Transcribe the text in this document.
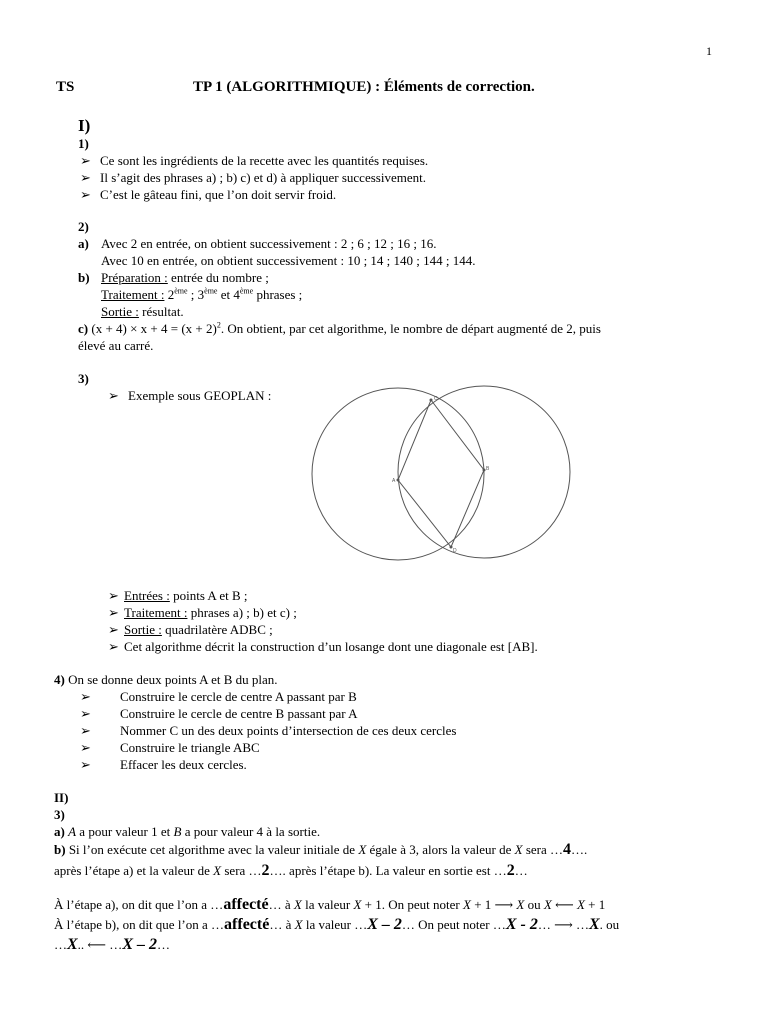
1
TS	TP 1 (ALGORITHMIQUE) : Éléments de correction.
I)
1)
➢Ce sont les ingrédients de la recette avec les quantités requises.
➢Il s’agit des phrases a) ; b) c) et d) à appliquer successivement.
➢C’est le gâteau fini, que l’on doit servir froid.
2)
a) Avec 2 en entrée, on obtient successivement : 2 ; 6 ; 12 ; 16 ; 16.
Avec 10 en entrée, on obtient successivement : 10 ; 14 ; 140 ; 144 ; 144.
b) Préparation : entrée du nombre ;
Traitement : 2ème ; 3ème et 4ème phrases ;
Sortie : résultat.
c) $(x + 4) \times x + 4 = (x + 2)^2$. On obtient, par cet algorithme, le nombre de départ augmenté de 2, puis
élevé au carré.
3)
➢Exemple sous GEOPLAN :	C
B
A
D
➢Entrées : points A et B ;
➢Traitement : phrases a) ; b) et c) ;
➢Sortie : quadrilatère ADBC ;
➢Cet algorithme décrit la construction d’un losange dont une diagonale est [AB].
4) On se donne deux points A et B du plan.
➢Construire le cercle de centre A passant par B
➢Construire le cercle de centre B passant par A
➢Nommer C un des deux points d’intersection de ces deux cercles
➢Construire le triangle ABC
➢Effacer les deux cercles.
II)
3)
a) A a pour valeur 1 et B a pour valeur 4 à la sortie.
b) Si l’on exécute cet algorithme avec la valeur initiale de X égale à 3, alors la valeur de X sera …4….
après l’étape a) et la valeur de X sera …2…. après l’étape b). La valeur en sortie est …2…
À l’étape a), on dit que l’on a …affecté… à X la valeur X + 1. On peut noter X + 1 ⟶ X ou X ⟵ X + 1
À l’étape b), on dit que l’on a …affecté… à X la valeur …X – 2… On peut noter …X - 2… ⟶ …X. ou
…X.. ⟵ …X – 2…
